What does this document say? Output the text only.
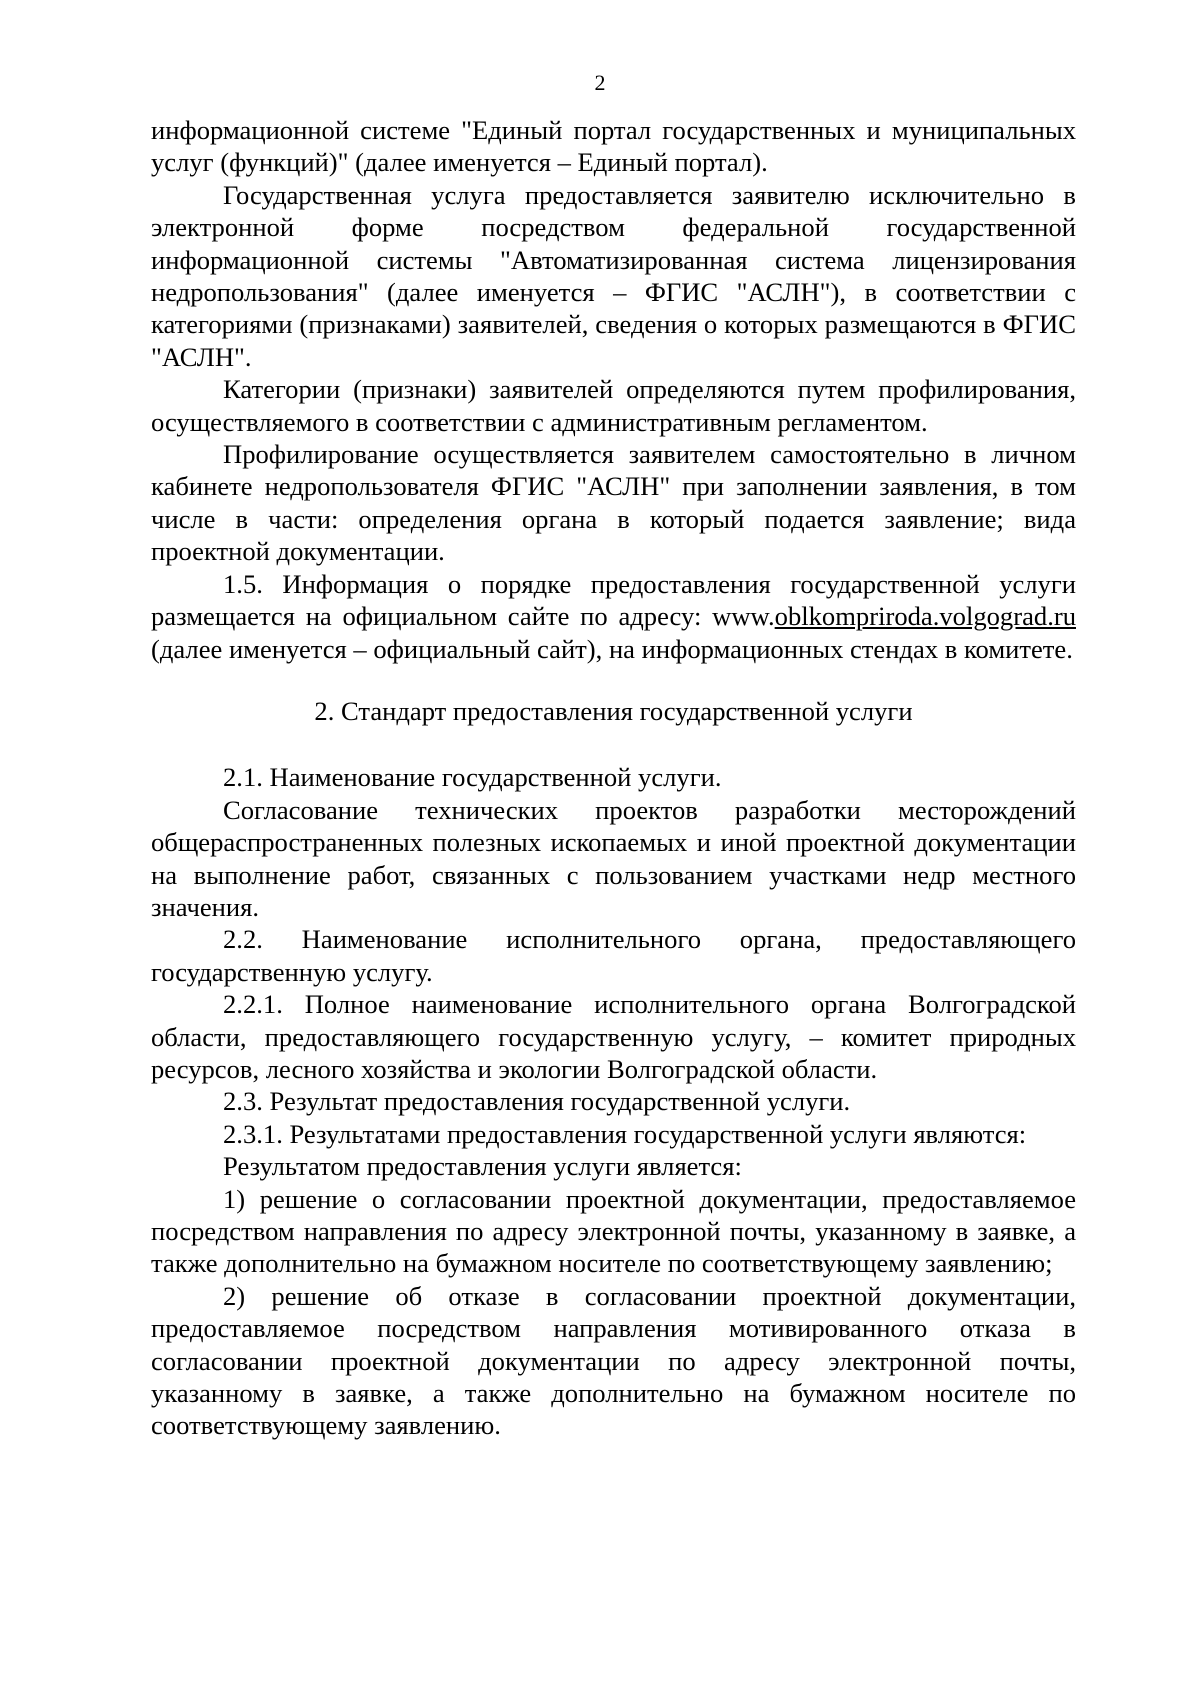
2

информационной системе "Единый портал государственных и муниципальных услуг (функций)" (далее именуется – Единый портал).

Государственная услуга предоставляется заявителю исключительно в электронной форме посредством федеральной государственной информационной системы "Автоматизированная система лицензирования недропользования" (далее именуется – ФГИС "АСЛН"), в соответствии с категориями (признаками) заявителей, сведения о которых размещаются в ФГИС "АСЛН".

Категории (признаки) заявителей определяются путем профилирования, осуществляемого в соответствии с административным регламентом.

Профилирование осуществляется заявителем самостоятельно в личном кабинете недропользователя ФГИС "АСЛН" при заполнении заявления, в том числе в части: определения органа в который подается заявление; вида проектной документации.

1.5. Информация о порядке предоставления государственной услуги размещается на официальном сайте по адресу: www.oblkompriroda.volgograd.ru (далее именуется – официальный сайт), на информационных стендах в комитете.

2. Стандарт предоставления государственной услуги

2.1. Наименование государственной услуги.

Согласование технических проектов разработки месторождений общераспространенных полезных ископаемых и иной проектной документации на выполнение работ, связанных с пользованием участками недр местного значения.

2.2. Наименование исполнительного органа, предоставляющего государственную услугу.

2.2.1. Полное наименование исполнительного органа Волгоградской области, предоставляющего государственную услугу, – комитет природных ресурсов, лесного хозяйства и экологии Волгоградской области.

2.3. Результат предоставления государственной услуги.

2.3.1. Результатами предоставления государственной услуги являются:

Результатом предоставления услуги является:

1) решение о согласовании проектной документации, предоставляемое посредством направления по адресу электронной почты, указанному в заявке, а также дополнительно на бумажном носителе по соответствующему заявлению;

2) решение об отказе в согласовании проектной документации, предоставляемое посредством направления мотивированного отказа в согласовании проектной документации по адресу электронной почты, указанному в заявке, а также дополнительно на бумажном носителе по соответствующему заявлению.
